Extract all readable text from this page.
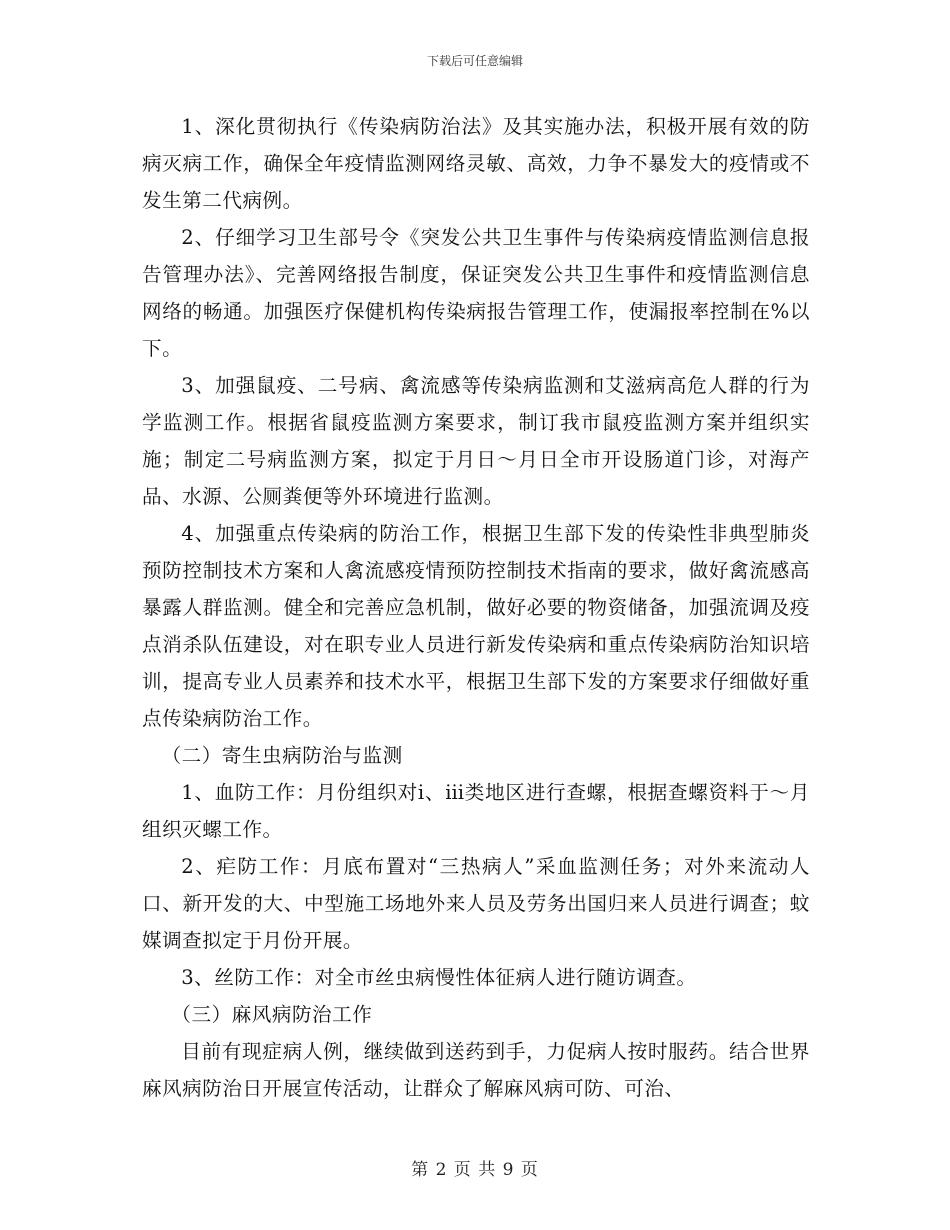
下载后可任意编辑

1、深化贯彻执行《传染病防治法》及其实施办法，积极开展有效的防病灭病工作，确保全年疫情监测网络灵敏、高效，力争不暴发大的疫情或不发生第二代病例。

2、仔细学习卫生部号令《突发公共卫生事件与传染病疫情监测信息报告管理办法》、完善网络报告制度，保证突发公共卫生事件和疫情监测信息网络的畅通。加强医疗保健机构传染病报告管理工作，使漏报率控制在%以下。

3、加强鼠疫、二号病、禽流感等传染病监测和艾滋病高危人群的行为学监测工作。根据省鼠疫监测方案要求，制订我市鼠疫监测方案并组织实施；制定二号病监测方案，拟定于月日～月日全市开设肠道门诊，对海产品、水源、公厕粪便等外环境进行监测。

4、加强重点传染病的防治工作，根据卫生部下发的传染性非典型肺炎预防控制技术方案和人禽流感疫情预防控制技术指南的要求，做好禽流感高暴露人群监测。健全和完善应急机制，做好必要的物资储备，加强流调及疫点消杀队伍建设，对在职专业人员进行新发传染病和重点传染病防治知识培训，提高专业人员素养和技术水平，根据卫生部下发的方案要求仔细做好重点传染病防治工作。

（二）寄生虫病防治与监测

1、血防工作：月份组织对ⅰ、ⅲ类地区进行查螺，根据查螺资料于～月组织灭螺工作。

2、疟防工作：月底布置对“三热病人”采血监测任务；对外来流动人口、新开发的大、中型施工场地外来人员及劳务出国归来人员进行调查；蚊媒调查拟定于月份开展。

3、丝防工作：对全市丝虫病慢性体征病人进行随访调查。

（三）麻风病防治工作

目前有现症病人例，继续做到送药到手，力促病人按时服药。结合世界麻风病防治日开展宣传活动，让群众了解麻风病可防、可治、

第 2 页 共 9 页
